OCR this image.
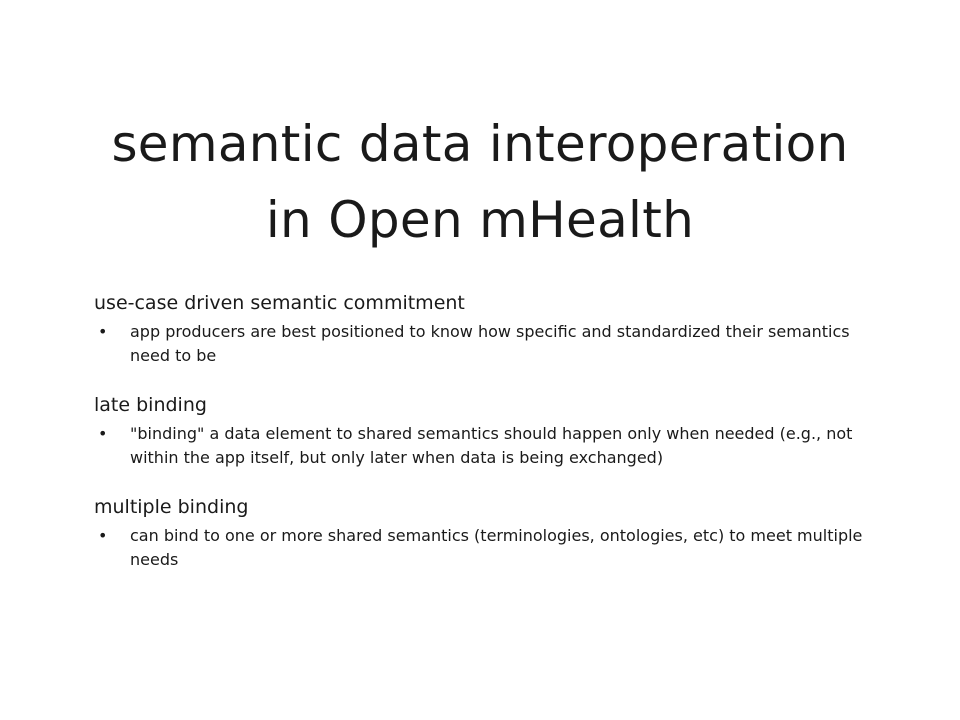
semantic data interoperation
in Open mHealth
use-case driven semantic commitment
• app producers are best positioned to know how specific and standardized their semantics need to be
late binding
• "binding" a data element to shared semantics should happen only when needed (e.g., not within the app itself, but only later when data is being exchanged)
multiple binding
• can bind to one or more shared semantics (terminologies, ontologies, etc) to meet multiple needs
